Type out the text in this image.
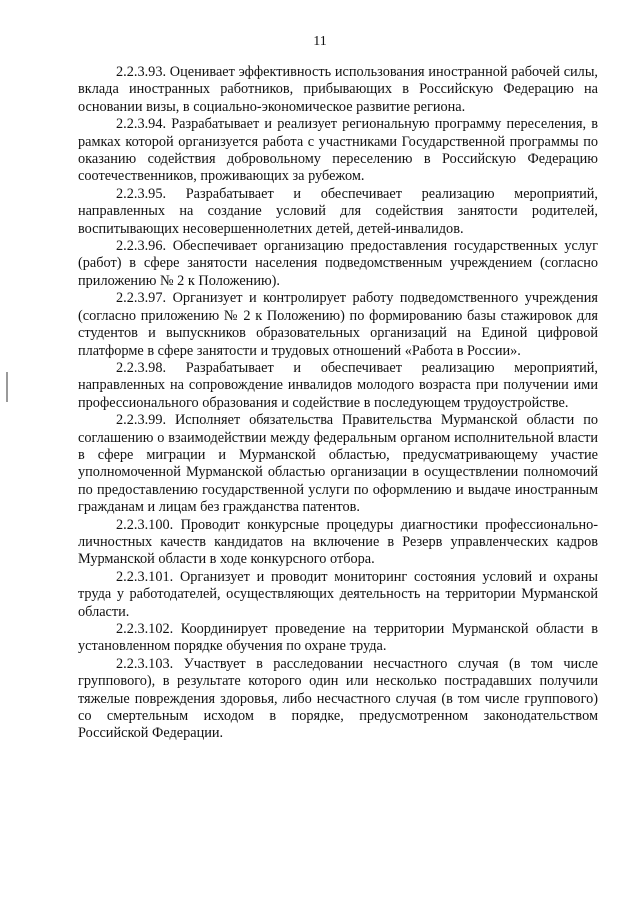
11

2.2.3.93. Оценивает эффективность использования иностранной рабочей силы, вклада иностранных работников, прибывающих в Российскую Федерацию на основании визы, в социально-экономическое развитие региона.

2.2.3.94. Разрабатывает и реализует региональную программу переселения, в рамках которой организуется работа с участниками Государственной программы по оказанию содействия добровольному переселению в Российскую Федерацию соотечественников, проживающих за рубежом.

2.2.3.95. Разрабатывает и обеспечивает реализацию мероприятий, направленных на создание условий для содействия занятости родителей, воспитывающих несовершеннолетних детей, детей-инвалидов.

2.2.3.96. Обеспечивает организацию предоставления государственных услуг (работ) в сфере занятости населения подведомственным учреждением (согласно приложению № 2 к Положению).

2.2.3.97. Организует и контролирует работу подведомственного учреждения (согласно приложению № 2 к Положению) по формированию базы стажировок для студентов и выпускников образовательных организаций на Единой цифровой платформе в сфере занятости и трудовых отношений «Работа в России».

2.2.3.98. Разрабатывает и обеспечивает реализацию мероприятий, направленных на сопровождение инвалидов молодого возраста при получении ими профессионального образования и содействие в последующем трудоустройстве.

2.2.3.99. Исполняет обязательства Правительства Мурманской области по соглашению о взаимодействии между федеральным органом исполнительной власти в сфере миграции и Мурманской областью, предусматривающему участие уполномоченной Мурманской областью организации в осуществлении полномочий по предоставлению государственной услуги по оформлению и выдаче иностранным гражданам и лицам без гражданства патентов.

2.2.3.100. Проводит конкурсные процедуры диагностики профессионально-личностных качеств кандидатов на включение в Резерв управленческих кадров Мурманской области в ходе конкурсного отбора.

2.2.3.101. Организует и проводит мониторинг состояния условий и охраны труда у работодателей, осуществляющих деятельность на территории Мурманской области.

2.2.3.102. Координирует проведение на территории Мурманской области в установленном порядке обучения по охране труда.

2.2.3.103. Участвует в расследовании несчастного случая (в том числе группового), в результате которого один или несколько пострадавших получили тяжелые повреждения здоровья, либо несчастного случая (в том числе группового) со смертельным исходом в порядке, предусмотренном законодательством Российской Федерации.
